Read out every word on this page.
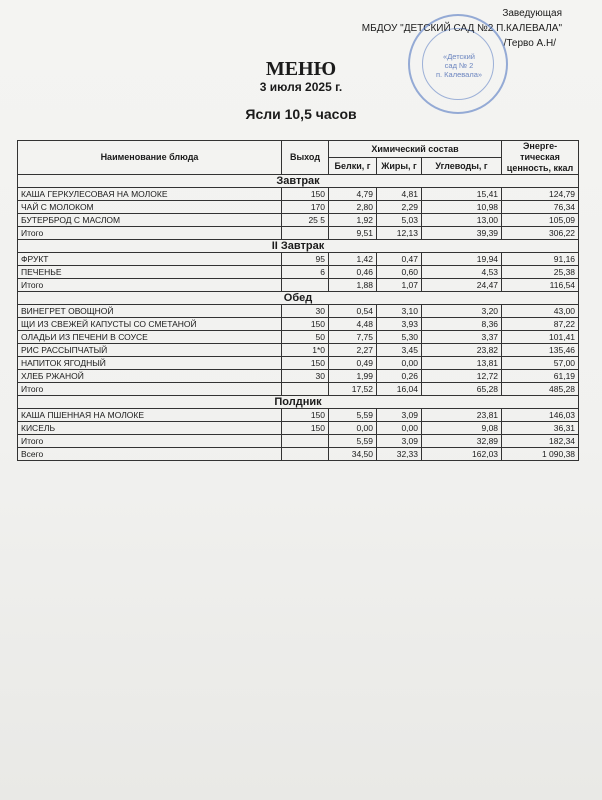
Заведующая
МБДОУ "ДЕТСКИЙ САД №2 П.КАЛЕВАЛА"
/Терво А.Н/
«Детский
сад № 2
п. Калевала»
МЕНЮ
3 июля 2025 г.
Ясли 10,5 часов
Наименование блюда	Выход	Химический состав			Энерге-тическая ценность, ккал
		Белки, г	Жиры, г	Углеводы, г	
Завтрак					
КАША ГЕРКУЛЕСОВАЯ НА МОЛОКЕ	150	4,79	4,81	15,41	124,79
ЧАЙ С МОЛОКОМ	170	2,80	2,29	10,98	76,34
БУТЕРБРОД С МАСЛОМ	25 5	1,92	5,03	13,00	105,09
Итого		9,51	12,13	39,39	306,22
II Завтрак					
ФРУКТ	95	1,42	0,47	19,94	91,16
ПЕЧЕНЬЕ	6	0,46	0,60	4,53	25,38
Итого		1,88	1,07	24,47	116,54
Обед					
ВИНЕГРЕТ ОВОЩНОЙ	30	0,54	3,10	3,20	43,00
ЩИ ИЗ СВЕЖЕЙ КАПУСТЫ СО СМЕТАНОЙ	150	4,48	3,93	8,36	87,22
ОЛАДЬИ ИЗ ПЕЧЕНИ В СОУСЕ	50	7,75	5,30	3,37	101,41
РИС РАССЫПЧАТЫЙ	1*0	2,27	3,45	23,82	135,46
НАПИТОК ЯГОДНЫЙ	150	0,49	0,00	13,81	57,00
ХЛЕБ РЖАНОЙ	30	1,99	0,26	12,72	61,19
Итого		17,52	16,04	65,28	485,28
Полдник					
КАША ПШЕННАЯ НА МОЛОКЕ	150	5,59	3,09	23,81	146,03
КИСЕЛЬ	150	0,00	0,00	9,08	36,31
Итого		5,59	3,09	32,89	182,34
Всего		34,50	32,33	162,03	1 090,38
